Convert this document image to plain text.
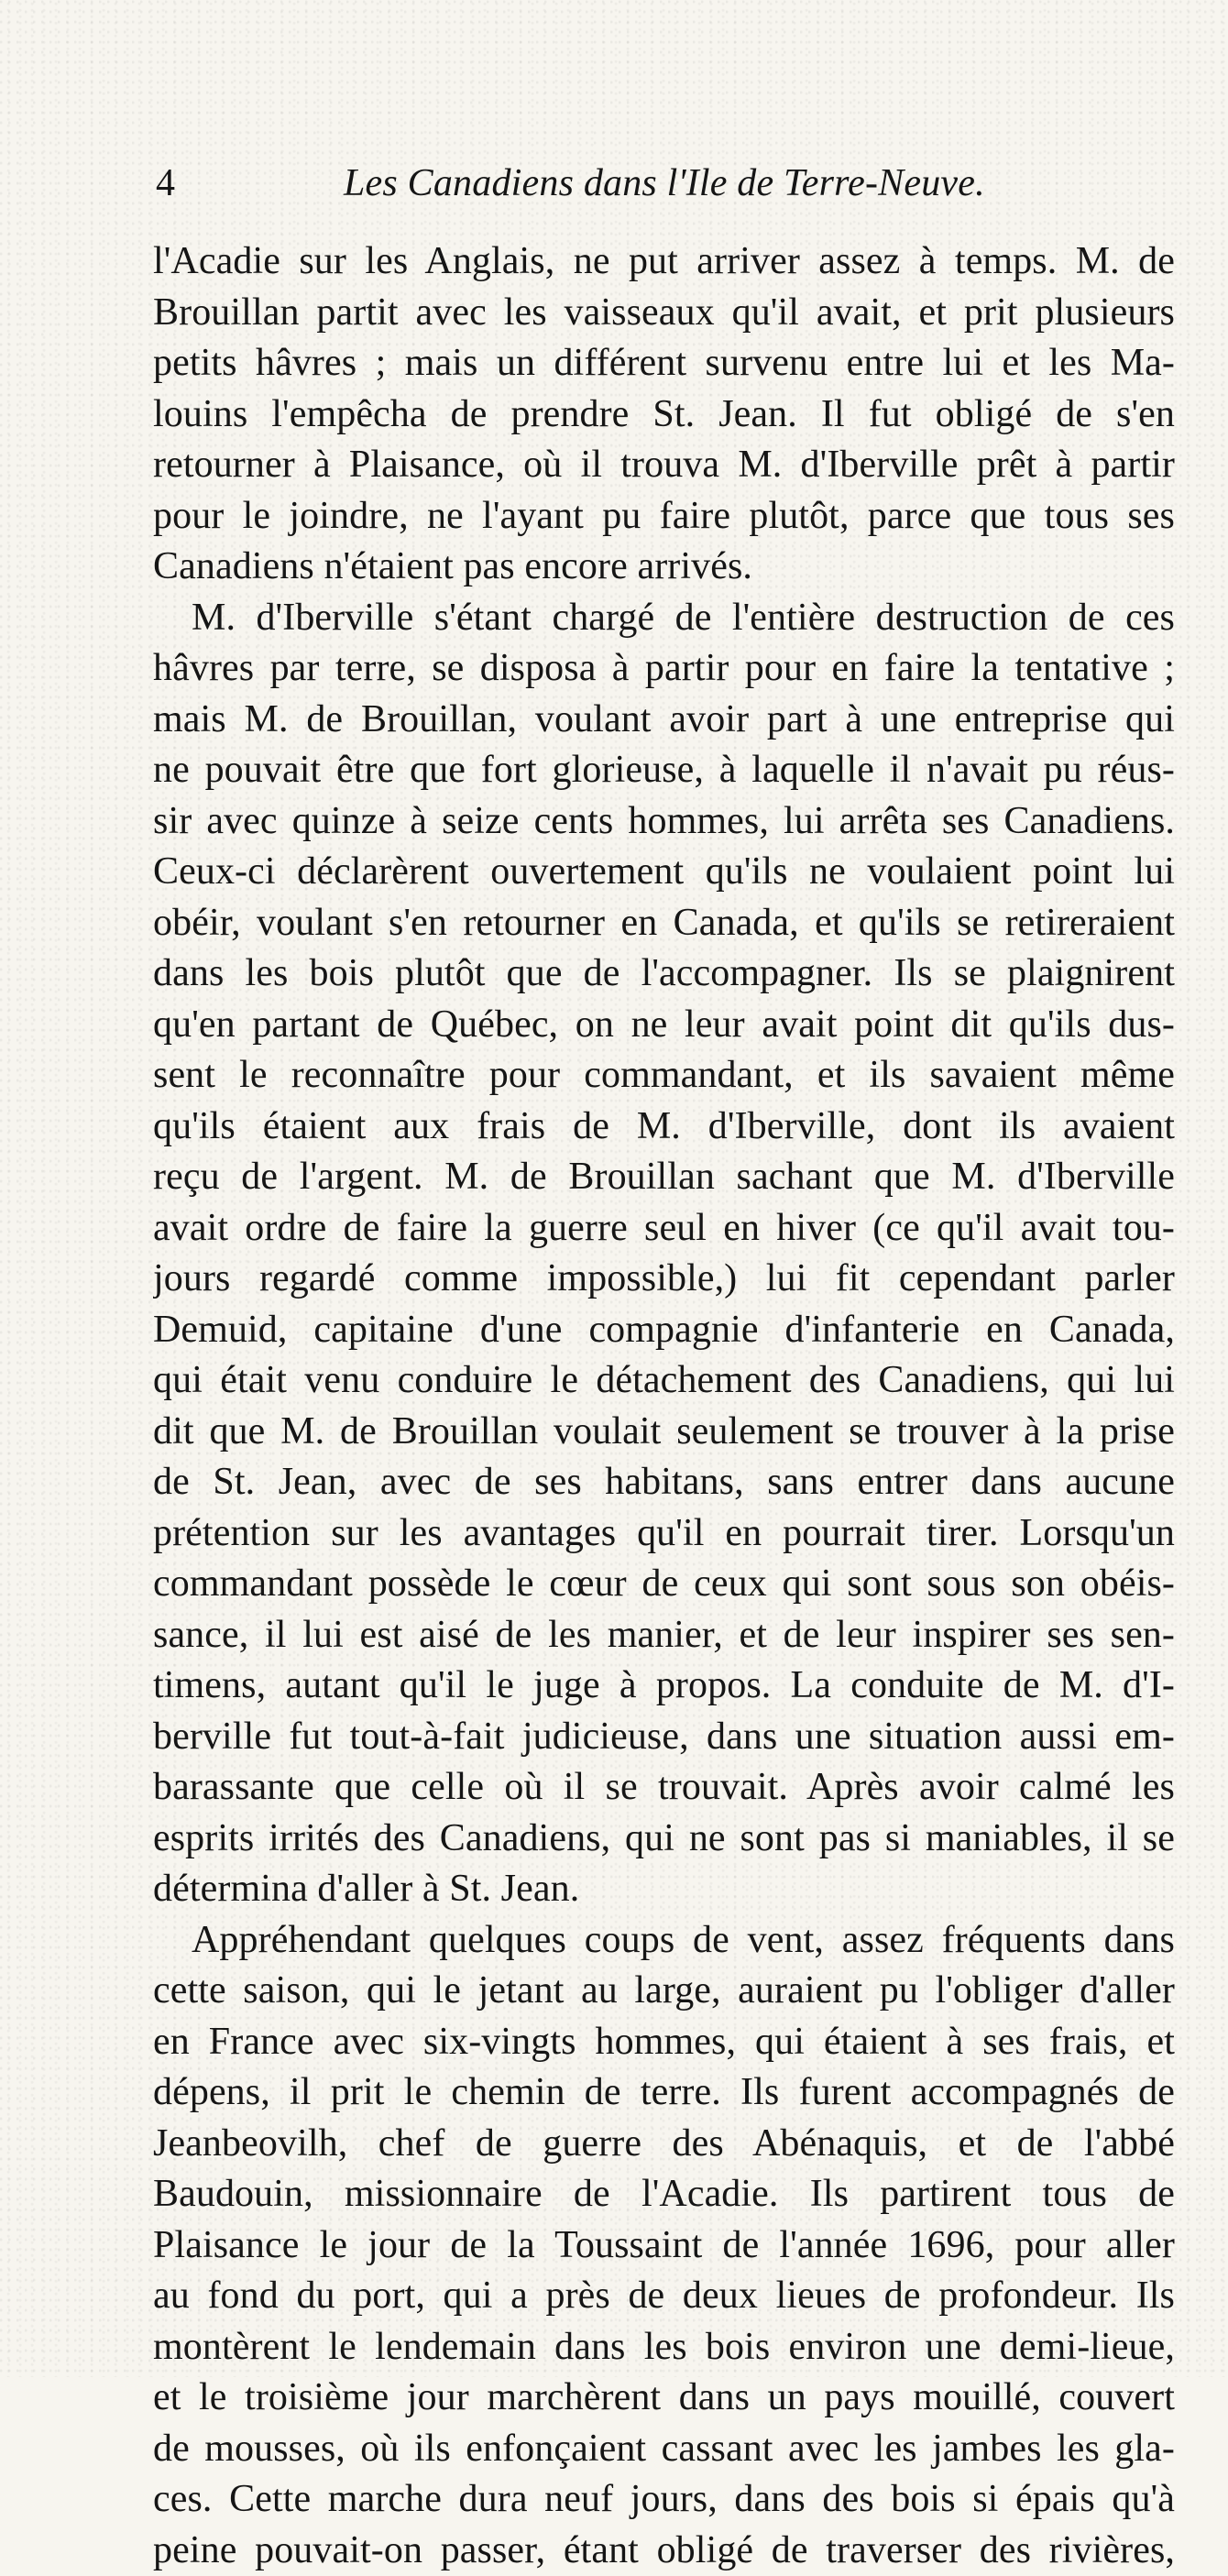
4	Les Canadiens dans l'Ile de Terre-Neuve.
l'Acadie sur les Anglais, ne put arriver assez à temps. M. de
Brouillan partit avec les vaisseaux qu'il avait, et prit plusieurs
petits hâvres ; mais un différent survenu entre lui et les Ma-
louins l'empêcha de prendre St. Jean. Il fut obligé de s'en
retourner à Plaisance, où il trouva M. d'Iberville prêt à partir
pour le joindre, ne l'ayant pu faire plutôt, parce que tous ses
Canadiens n'étaient pas encore arrivés.
M. d'Iberville s'étant chargé de l'entière destruction de ces
hâvres par terre, se disposa à partir pour en faire la tentative ;
mais M. de Brouillan, voulant avoir part à une entreprise qui
ne pouvait être que fort glorieuse, à laquelle il n'avait pu réus-
sir avec quinze à seize cents hommes, lui arrêta ses Canadiens.
Ceux-ci déclarèrent ouvertement qu'ils ne voulaient point lui
obéir, voulant s'en retourner en Canada, et qu'ils se retireraient
dans les bois plutôt que de l'accompagner. Ils se plaignirent
qu'en partant de Québec, on ne leur avait point dit qu'ils dus-
sent le reconnaître pour commandant, et ils savaient même
qu'ils étaient aux frais de M. d'Iberville, dont ils avaient
reçu de l'argent. M. de Brouillan sachant que M. d'Iberville
avait ordre de faire la guerre seul en hiver (ce qu'il avait tou-
jours regardé comme impossible,) lui fit cependant parler
Demuid, capitaine d'une compagnie d'infanterie en Canada,
qui était venu conduire le détachement des Canadiens, qui lui
dit que M. de Brouillan voulait seulement se trouver à la prise
de St. Jean, avec de ses habitans, sans entrer dans aucune
prétention sur les avantages qu'il en pourrait tirer. Lorsqu'un
commandant possède le cœur de ceux qui sont sous son obéis-
sance, il lui est aisé de les manier, et de leur inspirer ses sen-
timens, autant qu'il le juge à propos. La conduite de M. d'I-
berville fut tout-à-fait judicieuse, dans une situation aussi em-
barassante que celle où il se trouvait. Après avoir calmé les
esprits irrités des Canadiens, qui ne sont pas si maniables, il se
détermina d'aller à St. Jean.
Appréhendant quelques coups de vent, assez fréquents dans
cette saison, qui le jetant au large, auraient pu l'obliger d'aller
en France avec six-vingts hommes, qui étaient à ses frais, et
dépens, il prit le chemin de terre. Ils furent accompagnés de
Jeanbeovilh, chef de guerre des Abénaquis, et de l'abbé
Baudouin, missionnaire de l'Acadie. Ils partirent tous de
Plaisance le jour de la Toussaint de l'année 1696, pour aller
au fond du port, qui a près de deux lieues de profondeur. Ils
montèrent le lendemain dans les bois environ une demi-lieue,
et le troisième jour marchèrent dans un pays mouillé, couvert
de mousses, où ils enfonçaient cassant avec les jambes les gla-
ces. Cette marche dura neuf jours, dans des bois si épais qu'à
peine pouvait-on passer, étant obligé de traverser des rivières,
